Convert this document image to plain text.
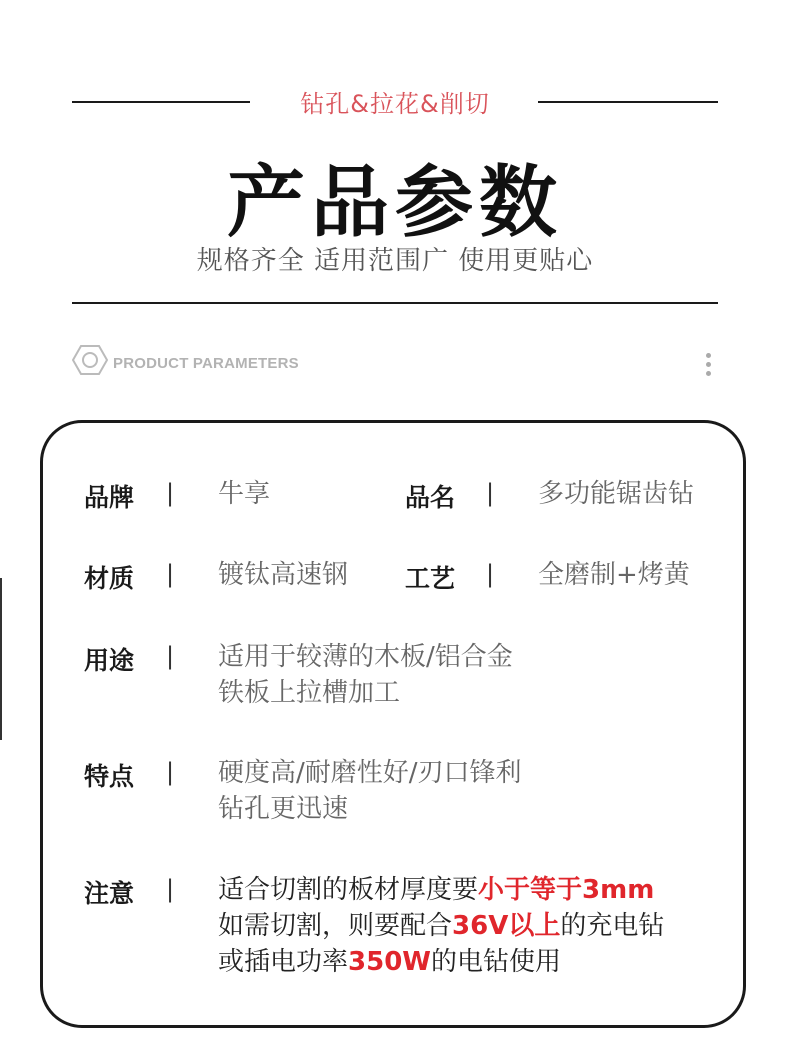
钻孔&拉花&削切
产品参数
规格齐全 适用范围广 使用更贴心
PRODUCT PARAMETERS
品牌 | 牛享	品名 | 多功能锯齿钻
材质 | 镀钛高速钢 工艺 | 全磨制+烤黄
用途 | 适用于较薄的木板/铝合金
铁板上拉槽加工
特点 | 硬度高/耐磨性好/刃口锋利
钻孔更迅速
注意 | 适合切割的板材厚度要小于等于3mm
如需切割，则要配合36V以上的充电钻
或插电功率350W的电钻使用
